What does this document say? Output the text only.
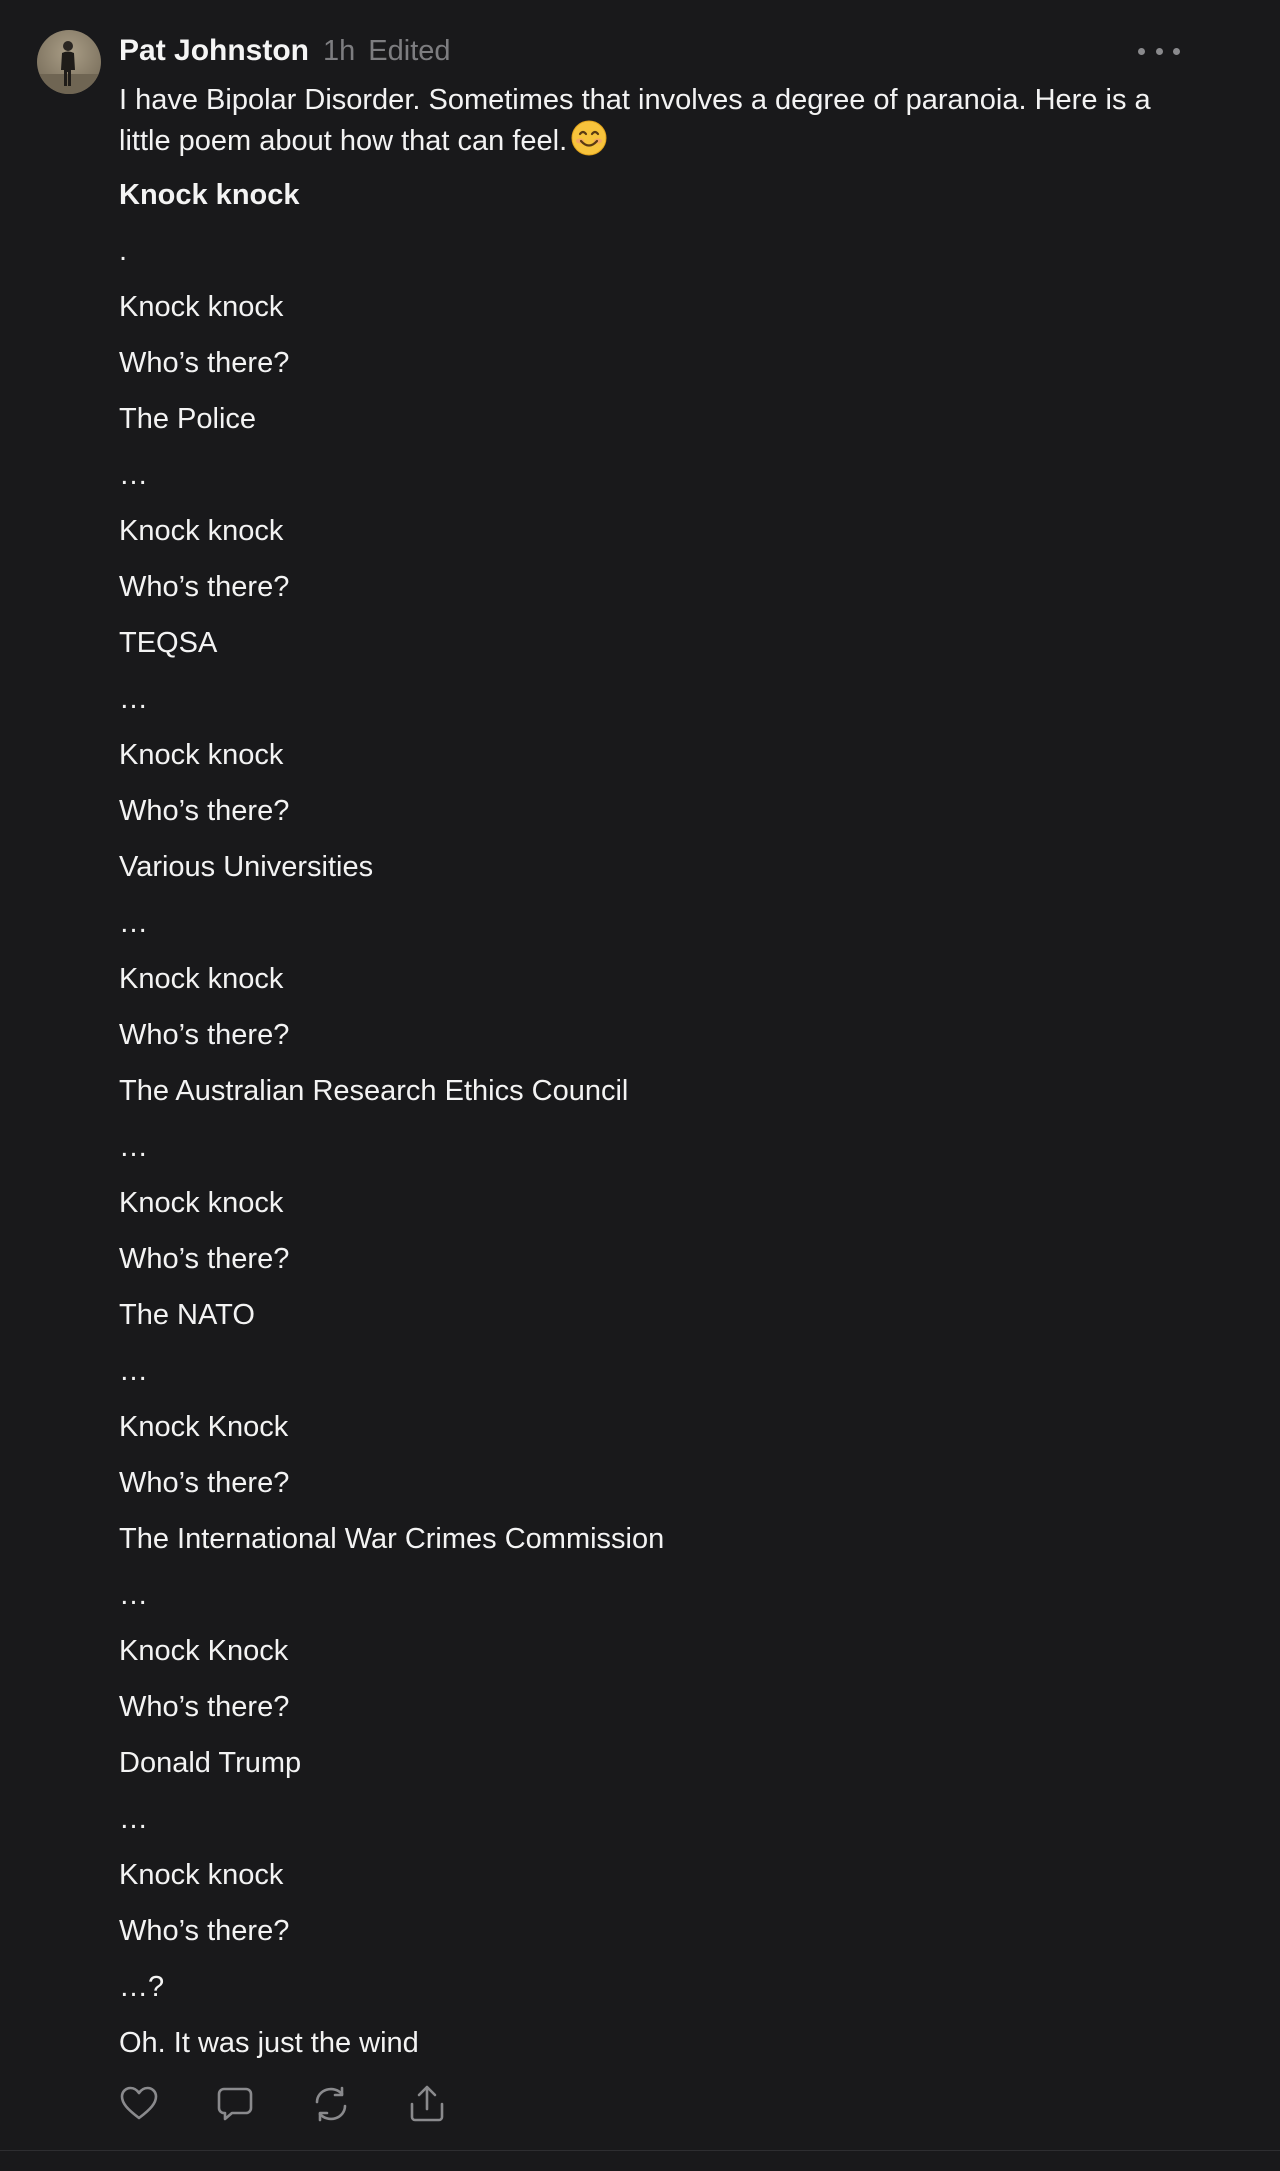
Pat Johnston 1h Edited
I have Bipolar Disorder. Sometimes that involves a degree of paranoia. Here is a little poem about how that can feel.
Knock knock
.
Knock knock
Who’s there?
The Police
…
Knock knock
Who’s there?
TEQSA
…
Knock knock
Who’s there?
Various Universities
…
Knock knock
Who’s there?
The Australian Research Ethics Council
…
Knock knock
Who’s there?
The NATO
…
Knock Knock
Who’s there?
The International War Crimes Commission
…
Knock Knock
Who’s there?
Donald Trump
…
Knock knock
Who’s there?
…?
Oh. It was just the wind
